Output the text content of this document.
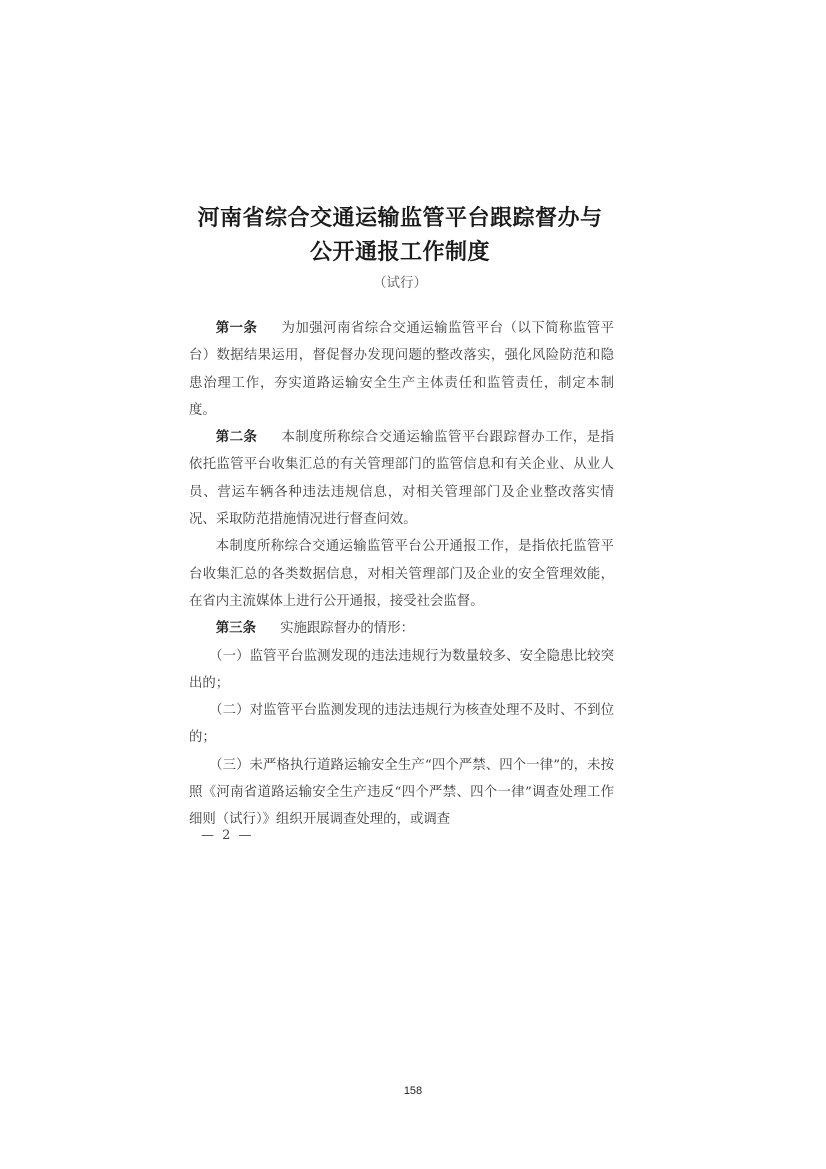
河南省综合交通运输监管平台跟踪督办与
公开通报工作制度
（试行）

第一条 为加强河南省综合交通运输监管平台（以下简称监管平台）数据结果运用，督促督办发现问题的整改落实，强化风险防范和隐患治理工作，夯实道路运输安全生产主体责任和监管责任，制定本制度。

第二条 本制度所称综合交通运输监管平台跟踪督办工作，是指依托监管平台收集汇总的有关管理部门的监管信息和有关企业、从业人员、营运车辆各种违法违规信息，对相关管理部门及企业整改落实情况、采取防范措施情况进行督查问效。

本制度所称综合交通运输监管平台公开通报工作，是指依托监管平台收集汇总的各类数据信息，对相关管理部门及企业的安全管理效能，在省内主流媒体上进行公开通报，接受社会监督。

第三条 实施跟踪督办的情形：

（一）监管平台监测发现的违法违规行为数量较多、安全隐患比较突出的；

（二）对监管平台监测发现的违法违规行为核查处理不及时、不到位的；

（三）未严格执行道路运输安全生产“四个严禁、四个一律”的，未按照《河南省道路运输安全生产违反“四个严禁、四个一律”调查处理工作细则（试行）》组织开展调查处理的，或调查

— 2 —
158
